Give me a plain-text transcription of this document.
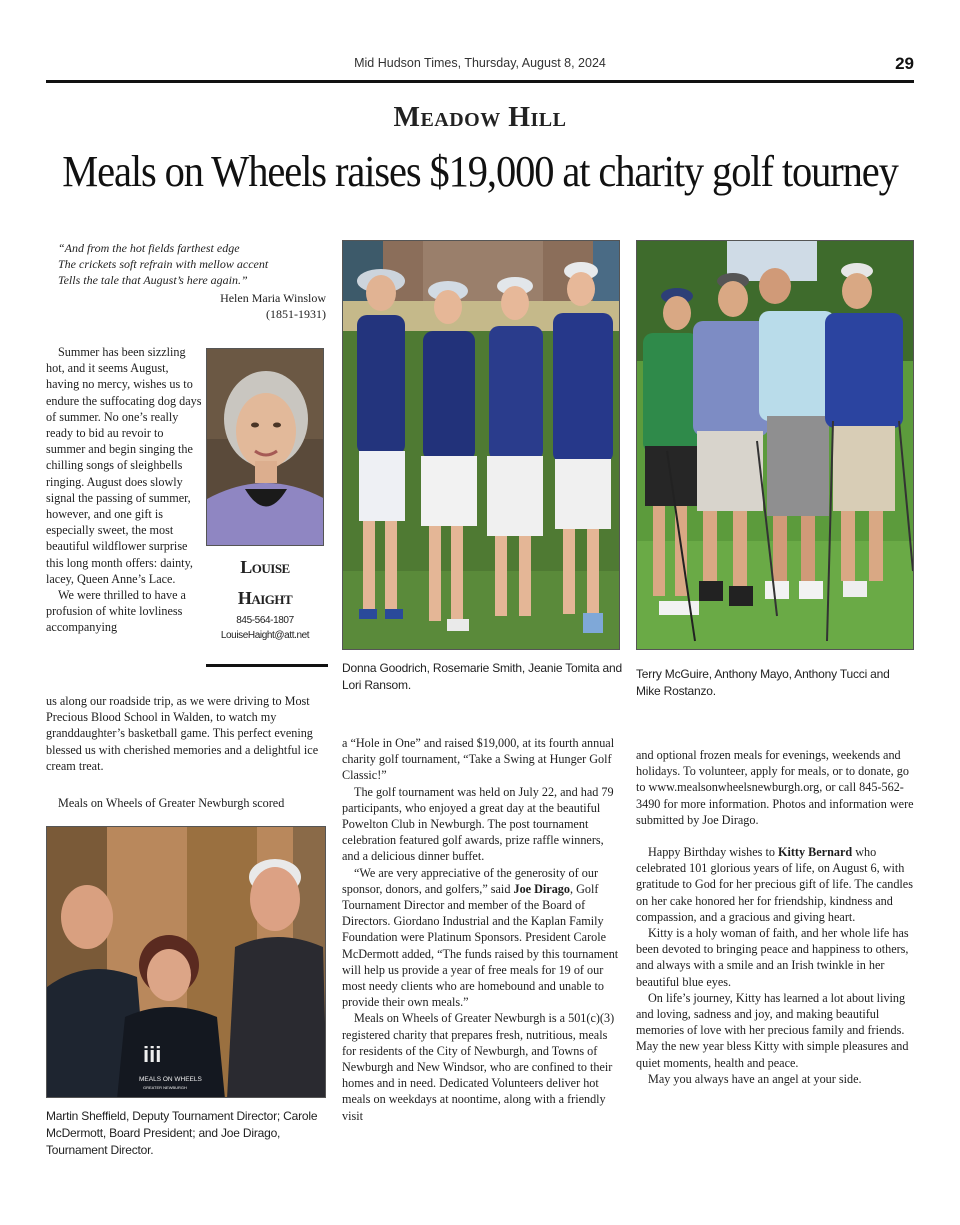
Mid Hudson Times, Thursday, August 8, 2024	29
Meadow Hill
Meals on Wheels raises $19,000 at charity golf tourney
“And from the hot fields farthest edge
The crickets soft refrain with mellow accent
Tells the tale that August’s here again.”
Helen Maria Winslow
(1851-1931)

Summer has been sizzling hot, and it seems August, having no mercy, wishes us to endure the suffocating dog days of summer. No one’s really ready to bid au revoir to summer and begin singing the chilling songs of sleighbells ringing. August does slowly signal the passing of summer, however, and one gift is especially sweet, the most beautiful wildflower surprise this long month offers: dainty, lacey, Queen Anne’s Lace.

We were thrilled to have a profusion of white lovliness accompanying

us along our roadside trip, as we were driving to Most Precious Blood School in Walden, to watch my granddaughter’s basketball game. This perfect evening blessed us with cherished memories and a delightful ice cream treat.

Meals on Wheels of Greater Newburgh scored

Louise
Haight
845-564-1807
LouiseHaight@att.net
Donna Goodrich, Rosemarie Smith, Jeanie Tomita and Lori Ransom.
Terry McGuire, Anthony Mayo, Anthony Tucci and Mike Rostanzo.
iii
MEALS ON WHEELS
GREATER NEWBURGH
Martin Sheffield, Deputy Tournament Director; Carole McDermott, Board President; and Joe Dirago, Tournament Director.

a “Hole in One” and raised $19,000, at its fourth annual charity golf tournament, “Take a Swing at Hunger Golf Classic!”

The golf tournament was held on July 22, and had 79 participants, who enjoyed a great day at the beautiful Powelton Club in Newburgh. The post tournament celebration featured golf awards, prize raffle winners, and a delicious dinner buffet.

“We are very appreciative of the generosity of our sponsor, donors, and golfers,” said Joe Dirago, Golf Tournament Director and member of the Board of Directors. Giordano Industrial and the Kaplan Family Foundation were Platinum Sponsors. President Carole McDermott added, “The funds raised by this tournament will help us provide a year of free meals for 19 of our most needy clients who are homebound and unable to provide their own meals.”

Meals on Wheels of Greater Newburgh is a 501(c)(3) registered charity that prepares fresh, nutritious, meals for residents of the City of Newburgh, and Towns of Newburgh and New Windsor, who are confined to their homes and in need. Dedicated Volunteers deliver hot meals on weekdays at noontime, along with a friendly visit

and optional frozen meals for evenings, weekends and holidays. To volunteer, apply for meals, or to donate, go to www.mealsonwheelsnewburgh.org, or call 845-562-3490 for more information. Photos and information were submitted by Joe Dirago.

Happy Birthday wishes to Kitty Bernard who celebrated 101 glorious years of life, on August 6, with gratitude to God for her precious gift of life. The candles on her cake honored her for friendship, kindness and compassion, and a gracious and giving heart.

Kitty is a holy woman of faith, and her whole life has been devoted to bringing peace and happiness to others, and always with a smile and an Irish twinkle in her beautiful blue eyes.

On life’s journey, Kitty has learned a lot about living and loving, sadness and joy, and making beautiful memories of love with her precious family and friends. May the new year bless Kitty with simple pleasures and quiet moments, health and peace.

May you always have an angel at your side.
